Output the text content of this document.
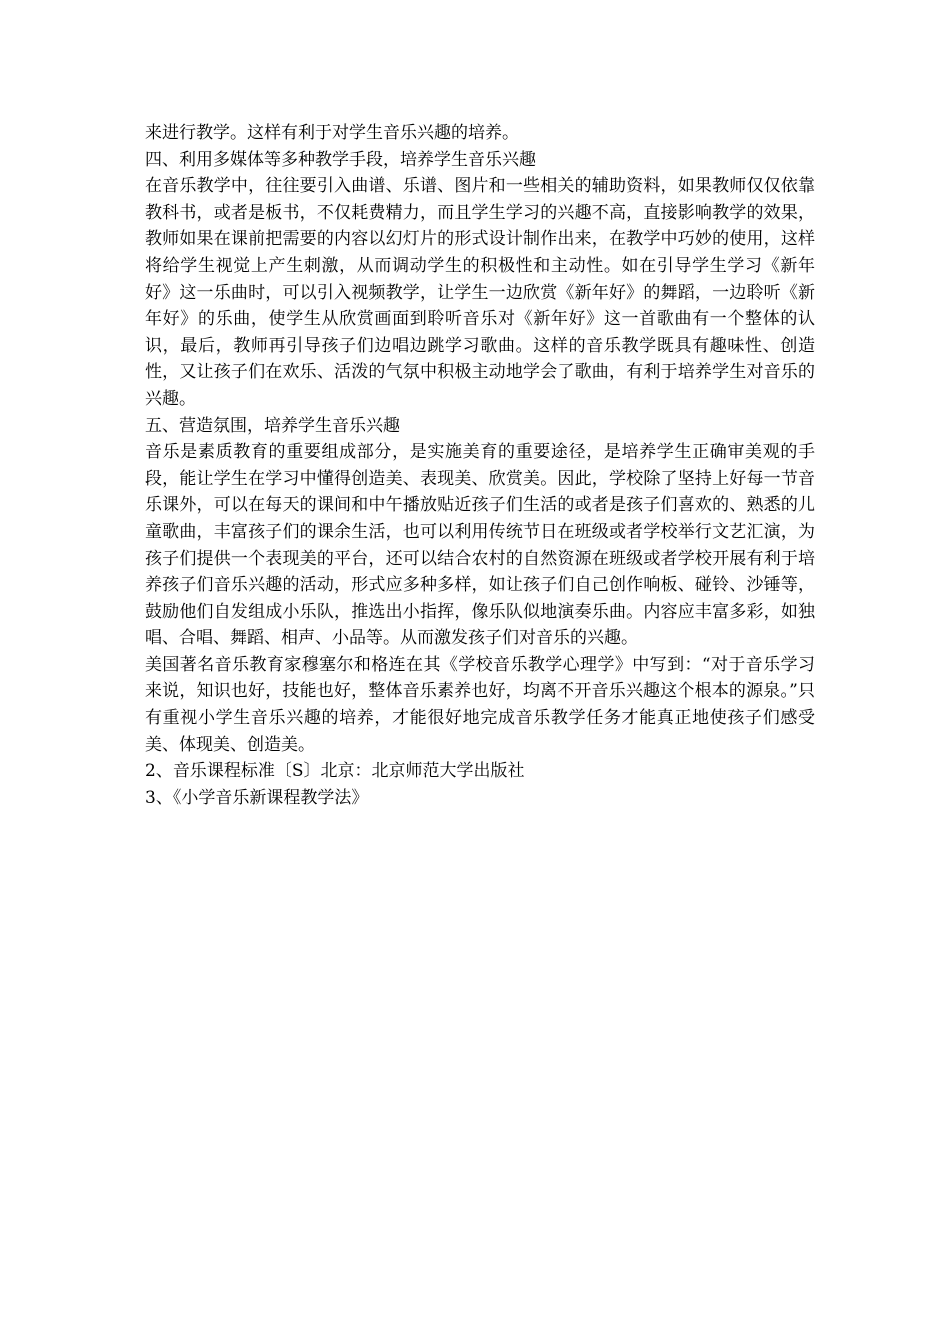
来进行教学。这样有利于对学生音乐兴趣的培养。

四、利用多媒体等多种教学手段，培养学生音乐兴趣

在音乐教学中，往往要引入曲谱、乐谱、图片和一些相关的辅助资料，如果教师仅仅依靠教科书，或者是板书，不仅耗费精力，而且学生学习的兴趣不高，直接影响教学的效果，教师如果在课前把需要的内容以幻灯片的形式设计制作出来，在教学中巧妙的使用，这样将给学生视觉上产生刺激，从而调动学生的积极性和主动性。如在引导学生学习《新年好》这一乐曲时，可以引入视频教学，让学生一边欣赏《新年好》的舞蹈，一边聆听《新年好》的乐曲，使学生从欣赏画面到聆听音乐对《新年好》这一首歌曲有一个整体的认识，最后，教师再引导孩子们边唱边跳学习歌曲。这样的音乐教学既具有趣味性、创造性，又让孩子们在欢乐、活泼的气氛中积极主动地学会了歌曲，有利于培养学生对音乐的兴趣。

五、营造氛围，培养学生音乐兴趣

音乐是素质教育的重要组成部分，是实施美育的重要途径，是培养学生正确审美观的手段，能让学生在学习中懂得创造美、表现美、欣赏美。因此，学校除了坚持上好每一节音乐课外，可以在每天的课间和中午播放贴近孩子们生活的或者是孩子们喜欢的、熟悉的儿童歌曲，丰富孩子们的课余生活，也可以利用传统节日在班级或者学校举行文艺汇演，为孩子们提供一个表现美的平台，还可以结合农村的自然资源在班级或者学校开展有利于培养孩子们音乐兴趣的活动，形式应多种多样，如让孩子们自己创作响板、碰铃、沙锤等，鼓励他们自发组成小乐队，推选出小指挥，像乐队似地演奏乐曲。内容应丰富多彩，如独唱、合唱、舞蹈、相声、小品等。从而激发孩子们对音乐的兴趣。

美国著名音乐教育家穆塞尔和格连在其《学校音乐教学心理学》中写到：“对于音乐学习来说，知识也好，技能也好，整体音乐素养也好，均离不开音乐兴趣这个根本的源泉。”只有重视小学生音乐兴趣的培养，才能很好地完成音乐教学任务才能真正地使孩子们感受美、体现美、创造美。

2、音乐课程标准〔S〕北京：北京师范大学出版社

3、《小学音乐新课程教学法》
